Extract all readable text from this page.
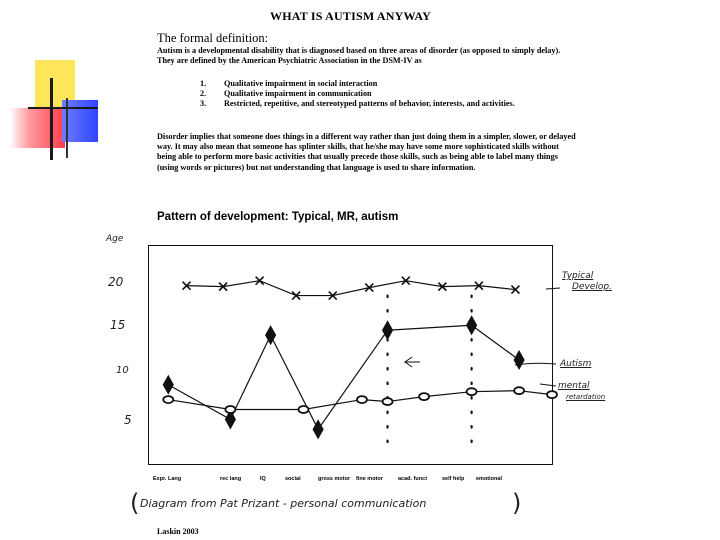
WHAT IS AUTISM ANYWAY
The formal definition:
Autism is a developmental disability that is diagnosed based on three areas of disorder (as opposed to simply delay). They are defined by the American Psychiatric Association in the DSM-IV as
1. Qualitative impairment in social interaction
2. Qualitative impairment in communication
3. Restricted, repetitive, and stereotyped patterns of behavior, interests, and activities.
Disorder implies that someone does things in a different way rather than just doing them in a simpler, slower, or delayed way. It may also mean that someone has splinter skills, that he/she may have some more sophisticated skills without being able to perform more basic activities that usually precede those skills, such as being able to label many things (using words or pictures) but not understanding that language is used to share information.
Pattern of development: Typical, MR, autism
Age
20
15
10
5
Expr. Lang	rec lang	IQ	social	gross motor fine motor	acad. funct	self help emotional
Typical
Develop.
Autism
mental
retardation
( Diagram from Pat Prizant - personal communication	)
Laskin 2003
